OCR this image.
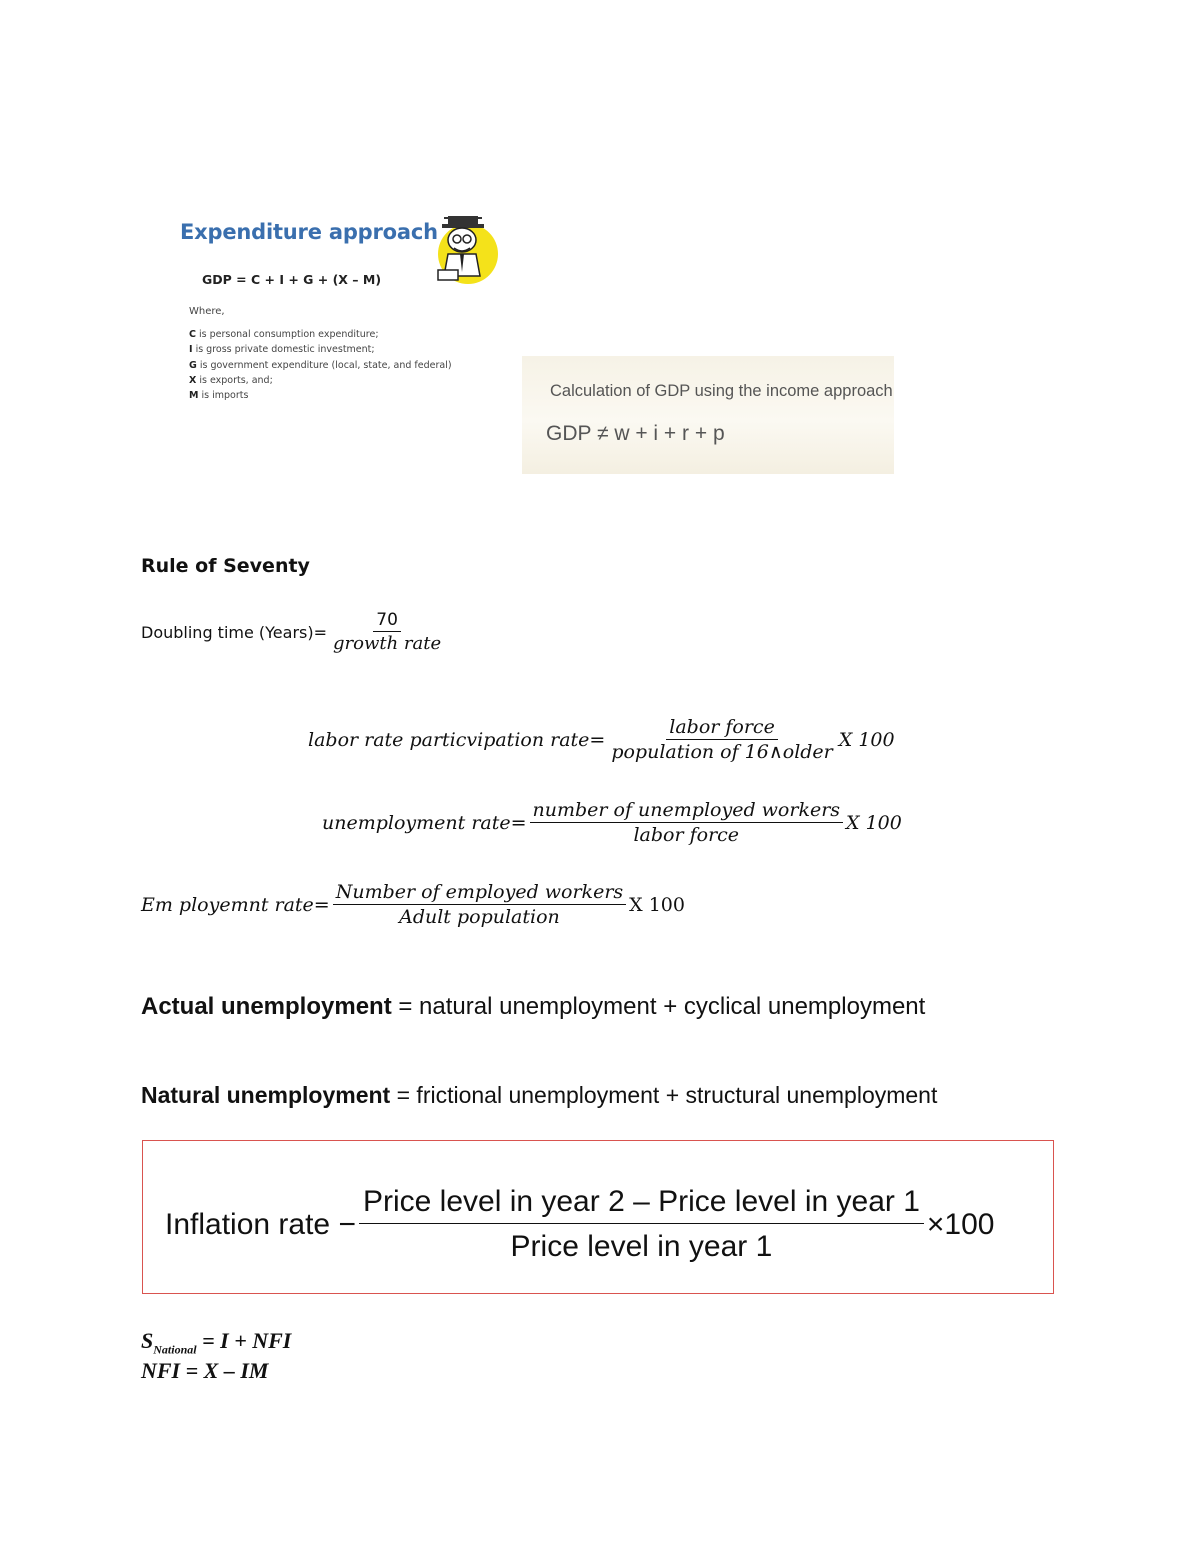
Expenditure approach
GDP = C + I + G + (X – M)
Where,
C is personal consumption expenditure;
I is gross private domestic investment;
G is government expenditure (local, state, and federal)
X is exports, and;
M is imports	Calculation of GDP using the income approach
GDP ≠ w + i + r + p
Rule of Seventy
Doubling time (Years)= $\frac{70}{\text{growth rate}}$
labor rate particvipation rate= $\frac{\text{labor force}}{\text{population of 16∧older}}$ X 100
unemployment rate= $\frac{\text{number of unemployed workers}}{\text{labor force}}$ X 100
Em ployemnt rate= $\frac{\text{Number of employed workers}}{\text{Adult population}}$ X 100
Actual unemployment = natural unemployment + cyclical unemployment
Natural unemployment = frictional unemployment + structural unemployment
Inflation rate − $\frac{\text{Price level in year 2 – Price level in year 1}}{\text{Price level in year 1}} \times 100$
$S_{National} = I$ + NFI
NFI = X – IM
